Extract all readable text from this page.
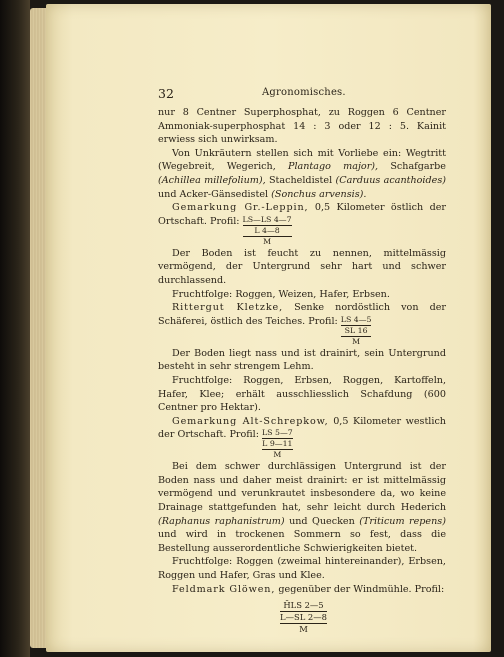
32	Agronomisches.

nur 8 Centner Superphosphat, zu Roggen 6 Centner Ammoniak-superphosphat 14 : 3 oder 12 : 5. Kainit erwiess sich unwirksam.

Von Unkräutern stellen sich mit Vorliebe ein: Wegtritt (Wegebreit, Wegerich, Plantago major), Schafgarbe (Achillea millefolium), Stacheldistel (Carduus acanthoides) und Acker-Gänsedistel (Sonchus arvensis).

Gemarkung Gr.-Leppin, 0,5 Kilometer östlich der Ortschaft. Profil: LS—LS 4—7
L 4—8
M

Der Boden ist feucht zu nennen, mittelmässig vermögend, der Untergrund sehr hart und schwer durchlassend.

Fruchtfolge: Roggen, Weizen, Hafer, Erbsen.

Rittergut Kletzke, Senke nordöstlich von der Schäferei, östlich des Teiches. Profil: LS 4—5
SL 16
M

Der Boden liegt nass und ist drainirt, sein Untergrund besteht in sehr strengem Lehm.

Fruchtfolge: Roggen, Erbsen, Roggen, Kartoffeln, Hafer, Klee; erhält ausschliesslich Schafdung (600 Centner pro Hektar).

Gemarkung Alt-Schrepkow, 0,5 Kilometer westlich der Ortschaft. Profil: LS 5—7
L 9—11
M

Bei dem schwer durchlässigen Untergrund ist der Boden nass und daher meist drainirt: er ist mittelmässig vermögend und verunkrautet insbesondere da, wo keine Drainage stattgefunden hat, sehr leicht durch Hederich (Raphanus raphanistrum) und Quecken (Triticum repens) und wird in trockenen Sommern so fest, dass die Bestellung ausserordentliche Schwierigkeiten bietet.

Fruchtfolge: Roggen (zweimal hintereinander), Erbsen, Roggen und Hafer, Gras und Klee.

Feldmark Glöwen, gegenüber der Windmühle. Profil:

H̄LS 2—5
L—SL 2—8
M
